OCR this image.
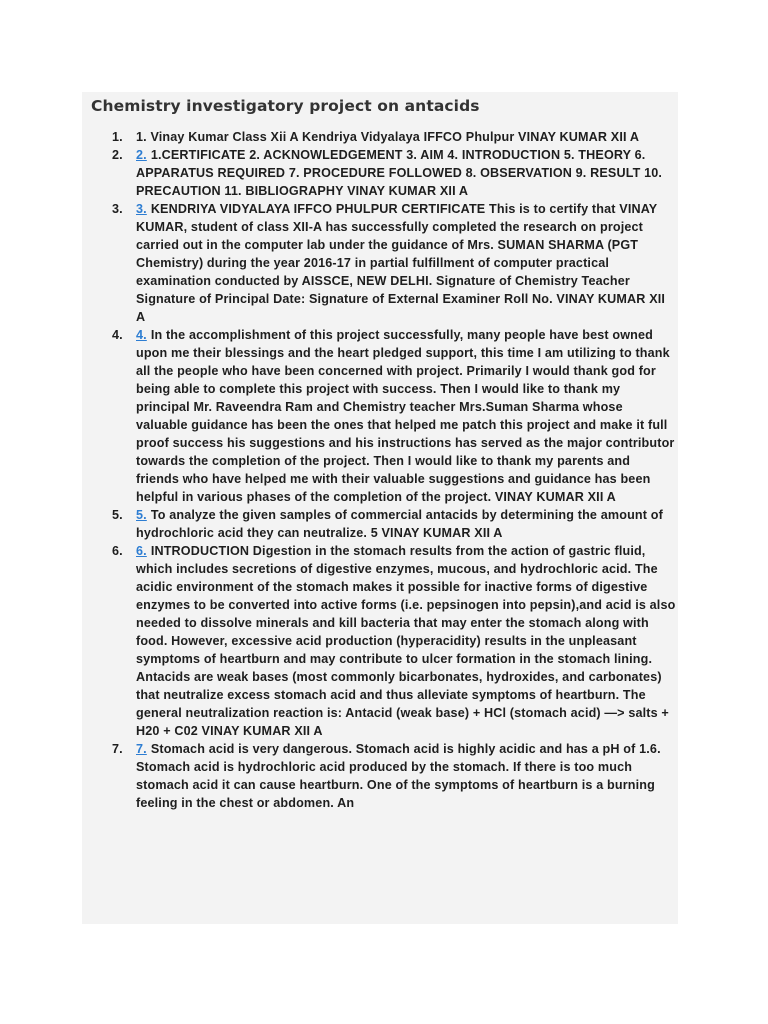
Chemistry investigatory project on antacids
1. 1. Vinay Kumar Class Xii A Kendriya Vidyalaya IFFCO Phulpur VINAY KUMAR XII A
2. 2. 1.CERTIFICATE 2. ACKNOWLEDGEMENT 3. AIM 4. INTRODUCTION 5. THEORY 6. APPARATUS REQUIRED 7. PROCEDURE FOLLOWED 8. OBSERVATION 9. RESULT 10. PRECAUTION 11. BIBLIOGRAPHY VINAY KUMAR XII A
3. 3. KENDRIYA VIDYALAYA IFFCO PHULPUR CERTIFICATE This is to certify that VINAY KUMAR, student of class XII-A has successfully completed the research on project carried out in the computer lab under the guidance of Mrs. SUMAN SHARMA (PGT Chemistry) during the year 2016-17 in partial fulfillment of computer practical examination conducted by AISSCE, NEW DELHI. Signature of Chemistry Teacher Signature of Principal Date: Signature of External Examiner Roll No. VINAY KUMAR XII A
4. 4. In the accomplishment of this project successfully, many people have best owned upon me their blessings and the heart pledged support, this time I am utilizing to thank all the people who have been concerned with project. Primarily I would thank god for being able to complete this project with success. Then I would like to thank my principal Mr. Raveendra Ram and Chemistry teacher Mrs.Suman Sharma whose valuable guidance has been the ones that helped me patch this project and make it full proof success his suggestions and his instructions has served as the major contributor towards the completion of the project. Then I would like to thank my parents and friends who have helped me with their valuable suggestions and guidance has been helpful in various phases of the completion of the project. VINAY KUMAR XII A
5. 5. To analyze the given samples of commercial antacids by determining the amount of hydrochloric acid they can neutralize. 5 VINAY KUMAR XII A
6. 6. INTRODUCTION Digestion in the stomach results from the action of gastric fluid, which includes secretions of digestive enzymes, mucous, and hydrochloric acid. The acidic environment of the stomach makes it possible for inactive forms of digestive enzymes to be converted into active forms (i.e. pepsinogen into pepsin),and acid is also needed to dissolve minerals and kill bacteria that may enter the stomach along with food. However, excessive acid production (hyperacidity) results in the unpleasant symptoms of heartburn and may contribute to ulcer formation in the stomach lining. Antacids are weak bases (most commonly bicarbonates, hydroxides, and carbonates) that neutralize excess stomach acid and thus alleviate symptoms of heartburn. The general neutralization reaction is: Antacid (weak base) + HCl (stomach acid) —> salts + H20 + C02 VINAY KUMAR XII A
7. 7. Stomach acid is very dangerous. Stomach acid is highly acidic and has a pH of 1.6. Stomach acid is hydrochloric acid produced by the stomach. If there is too much stomach acid it can cause heartburn. One of the symptoms of heartburn is a burning feeling in the chest or abdomen. An
